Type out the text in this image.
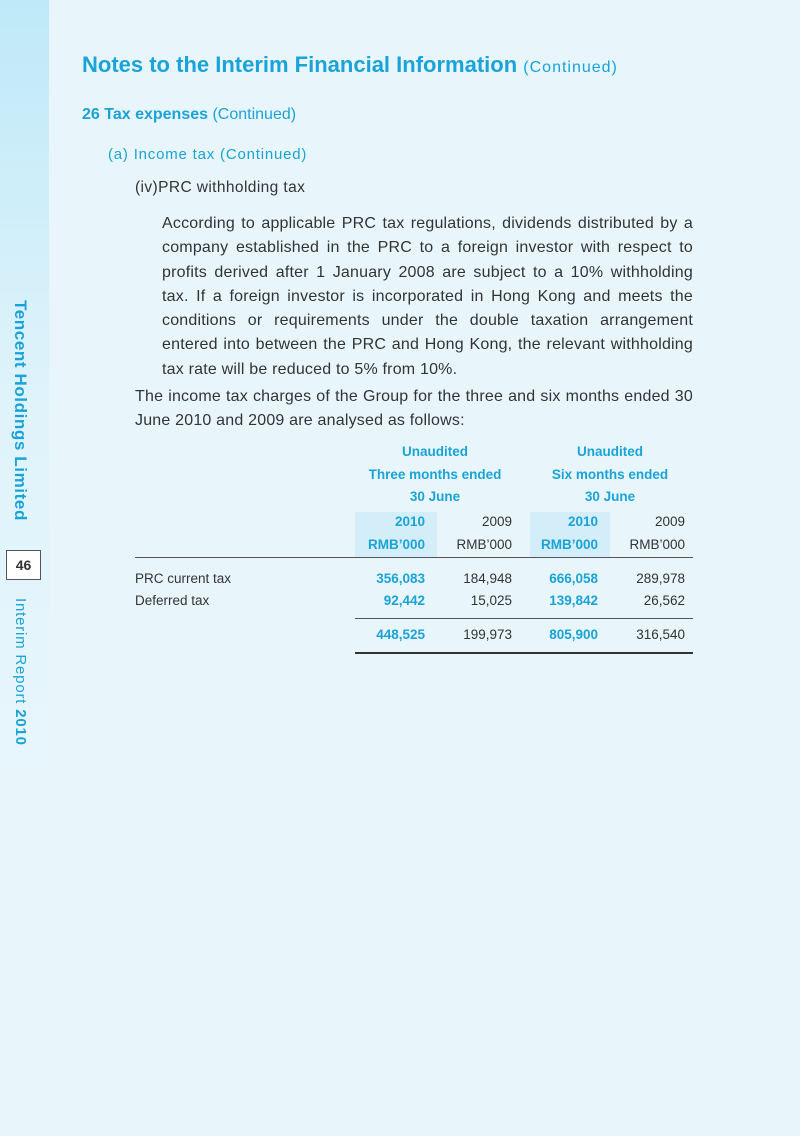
Tencent Holdings Limited
46
Interim Report 2010
Notes to the Interim Financial Information (Continued)
26 Tax expenses (Continued)
(a) Income tax (Continued)
(iv)PRC withholding tax
According to applicable PRC tax regulations, dividends distributed by a company established in the PRC to a foreign investor with respect to profits derived after 1 January 2008 are subject to a 10% withholding tax. If a foreign investor is incorporated in Hong Kong and meets the conditions or requirements under the double taxation arrangement entered into between the PRC and Hong Kong, the relevant withholding tax rate will be reduced to 5% from 10%.
The income tax charges of the Group for the three and six months ended 30 June 2010 and 2009 are analysed as follows:
Unaudited
Three months ended
30 June
Unaudited
Six months ended
30 June
2010	2009	2010	2009
RMB’000	RMB’000	RMB’000	RMB’000
PRC current tax	356,083	184,948	666,058	289,978
Deferred tax	92,442	15,025	139,842	26,562
448,525	199,973	805,900	316,540
